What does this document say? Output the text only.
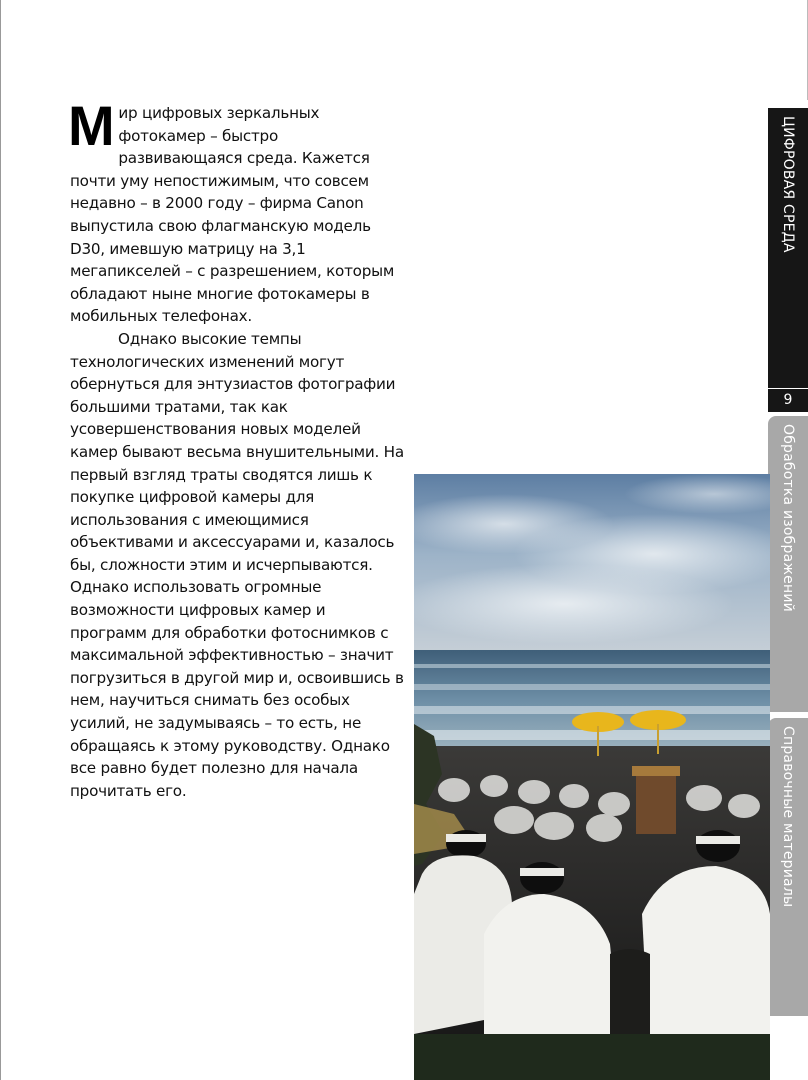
Мир цифровых зеркальных фотокамер – быстро развивающаяся среда. Кажется почти уму непостижимым, что совсем недавно – в 2000 году – фирма Canon выпустила свою флагманскую модель D30, имевшую матрицу на 3,1 мегапикселей – с разрешением, которым обладают ныне многие фотокамеры в мобильных телефонах.

Однако высокие темпы технологических изменений могут обернуться для энтузиастов фотографии большими тратами, так как усовершенствования новых моделей камер бывают весьма внушительными. На первый взгляд траты сводятся лишь к покупке цифровой камеры для использования с имеющимися объективами и аксессуарами и, казалось бы, сложности этим и исчерпываются. Однако использовать огромные возможности цифровых камер и программ для обработки фотоснимков с максимальной эффективностью – значит погрузиться в другой мир и, освоившись в нем, научиться снимать без особых усилий, не задумываясь – то есть, не обращаясь к этому руководству. Однако все равно будет полезно для начала прочитать его.

ЦИФРОВАЯ СРЕДА
9
Обработка изображений
Справочные материалы
